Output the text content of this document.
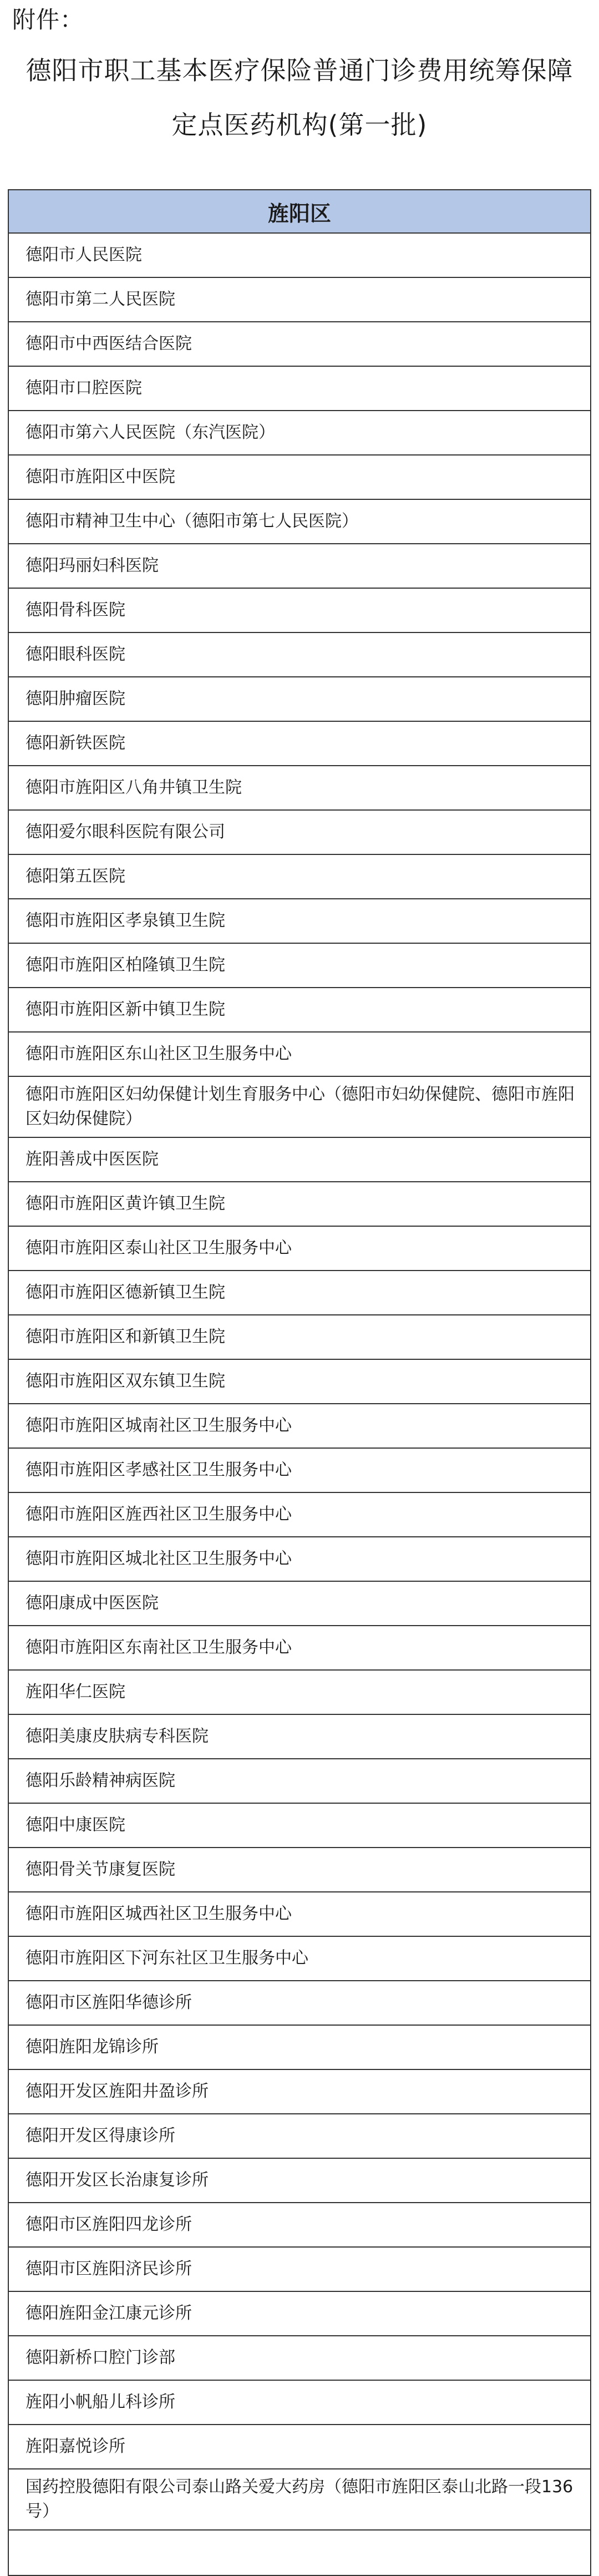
附件：
德阳市职工基本医疗保险普通门诊费用统筹保障
定点医药机构(第一批)
旌阳区
德阳市人民医院
德阳市第二人民医院
德阳市中西医结合医院
德阳市口腔医院
德阳市第六人民医院（东汽医院）
德阳市旌阳区中医院
德阳市精神卫生中心（德阳市第七人民医院）
德阳玛丽妇科医院
德阳骨科医院
德阳眼科医院
德阳肿瘤医院
德阳新铁医院
德阳市旌阳区八角井镇卫生院
德阳爱尔眼科医院有限公司
德阳第五医院
德阳市旌阳区孝泉镇卫生院
德阳市旌阳区柏隆镇卫生院
德阳市旌阳区新中镇卫生院
德阳市旌阳区东山社区卫生服务中心
德阳市旌阳区妇幼保健计划生育服务中心（德阳市妇幼保健院、德阳市旌阳区妇幼保健院）
旌阳善成中医医院
德阳市旌阳区黄许镇卫生院
德阳市旌阳区泰山社区卫生服务中心
德阳市旌阳区德新镇卫生院
德阳市旌阳区和新镇卫生院
德阳市旌阳区双东镇卫生院
德阳市旌阳区城南社区卫生服务中心
德阳市旌阳区孝感社区卫生服务中心
德阳市旌阳区旌西社区卫生服务中心
德阳市旌阳区城北社区卫生服务中心
德阳康成中医医院
德阳市旌阳区东南社区卫生服务中心
旌阳华仁医院
德阳美康皮肤病专科医院
德阳乐龄精神病医院
德阳中康医院
德阳骨关节康复医院
德阳市旌阳区城西社区卫生服务中心
德阳市旌阳区下河东社区卫生服务中心
德阳市区旌阳华德诊所
德阳旌阳龙锦诊所
德阳开发区旌阳井盈诊所
德阳开发区得康诊所
德阳开发区长治康复诊所
德阳市区旌阳四龙诊所
德阳市区旌阳济民诊所
德阳旌阳金江康元诊所
德阳新桥口腔门诊部
旌阳小帆船儿科诊所
旌阳嘉悦诊所
国药控股德阳有限公司泰山路关爱大药房（德阳市旌阳区泰山北路一段136号）
